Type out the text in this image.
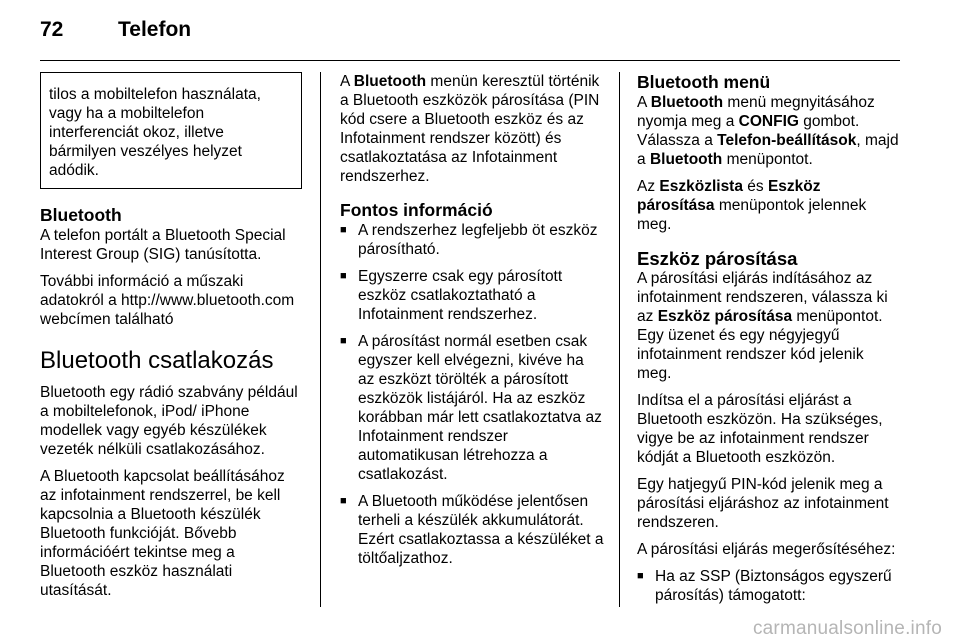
72	Telefon

tilos a mobiltelefon használata, vagy ha a mobiltelefon interferenciát okoz, illetve bármilyen veszélyes helyzet adódik.

Bluetooth

A telefon portált a Bluetooth Special Interest Group (SIG) tanúsította.

További információ a műszaki adatokról a http://www.bluetooth.com webcímen található

Bluetooth csatlakozás

Bluetooth egy rádió szabvány például a mobiltelefonok, iPod/ iPhone modellek vagy egyéb készülékek vezeték nélküli csatlakozásához.

A Bluetooth kapcsolat beállításához az infotainment rendszerrel, be kell kapcsolnia a Bluetooth készülék Bluetooth funkcióját. Bővebb információért tekintse meg a Bluetooth eszköz használati utasítását.

A Bluetooth menün keresztül történik a Bluetooth eszközök párosítása (PIN kód csere a Bluetooth eszköz és az Infotainment rendszer között) és csatlakoztatása az Infotainment rendszerhez.

Fontos információ
■ A rendszerhez legfeljebb öt eszköz párosítható.
■ Egyszerre csak egy párosított eszköz csatlakoztatható a Infotainment rendszerhez.
■ A párosítást normál esetben csak egyszer kell elvégezni, kivéve ha az eszközt törölték a párosított eszközök listájáról. Ha az eszköz korábban már lett csatlakoztatva az Infotainment rendszer automatikusan létrehozza a csatlakozást.
■ A Bluetooth működése jelentősen terheli a készülék akkumulátorát. Ezért csatlakoztassa a készüléket a töltőaljzathoz.
Bluetooth menü

A Bluetooth menü megnyitásához nyomja meg a CONFIG gombot. Válassza a Telefon-beállítások, majd a Bluetooth menüpontot.

Az Eszközlista és Eszköz párosítása menüpontok jelennek meg.

Eszköz párosítása

A párosítási eljárás indításához az infotainment rendszeren, válassza ki az Eszköz párosítása menüpontot. Egy üzenet és egy négyjegyű infotainment rendszer kód jelenik meg.

Indítsa el a párosítási eljárást a Bluetooth eszközön. Ha szükséges, vigye be az infotainment rendszer kódját a Bluetooth eszközön.

Egy hatjegyű PIN-kód jelenik meg a párosítási eljáráshoz az infotainment rendszeren.

A párosítási eljárás megerősítéséhez:

■ Ha az SSP (Biztonságos egyszerű párosítás) támogatott:
carmanualsonline.info
